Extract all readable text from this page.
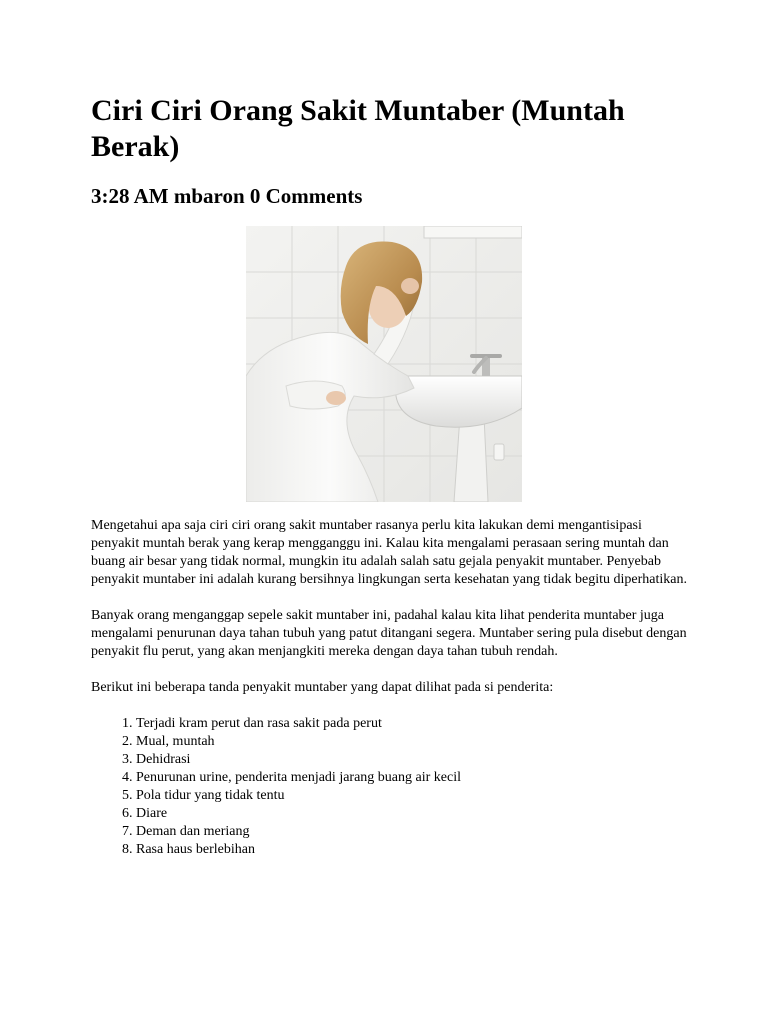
Ciri Ciri Orang Sakit Muntaber (Muntah Berak)
3:28 AM mbaron 0 Comments

Mengetahui apa saja ciri ciri orang sakit muntaber rasanya perlu kita lakukan demi mengantisipasi penyakit muntah berak yang kerap mengganggu ini. Kalau kita mengalami perasaan sering muntah dan buang air besar yang tidak normal, mungkin itu adalah salah satu gejala penyakit muntaber. Penyebab penyakit muntaber ini adalah kurang bersihnya lingkungan serta kesehatan yang tidak begitu diperhatikan.

Banyak orang menganggap sepele sakit muntaber ini, padahal kalau kita lihat penderita muntaber juga mengalami penurunan daya tahan tubuh yang patut ditangani segera. Muntaber sering pula disebut dengan penyakit flu perut, yang akan menjangkiti mereka dengan daya tahan tubuh rendah.

Berikut ini beberapa tanda penyakit muntaber yang dapat dilihat pada si penderita:

1. Terjadi kram perut dan rasa sakit pada perut
2. Mual, muntah
3. Dehidrasi
4. Penurunan urine, penderita menjadi jarang buang air kecil
5. Pola tidur yang tidak tentu
6. Diare
7. Deman dan meriang
8. Rasa haus berlebihan
